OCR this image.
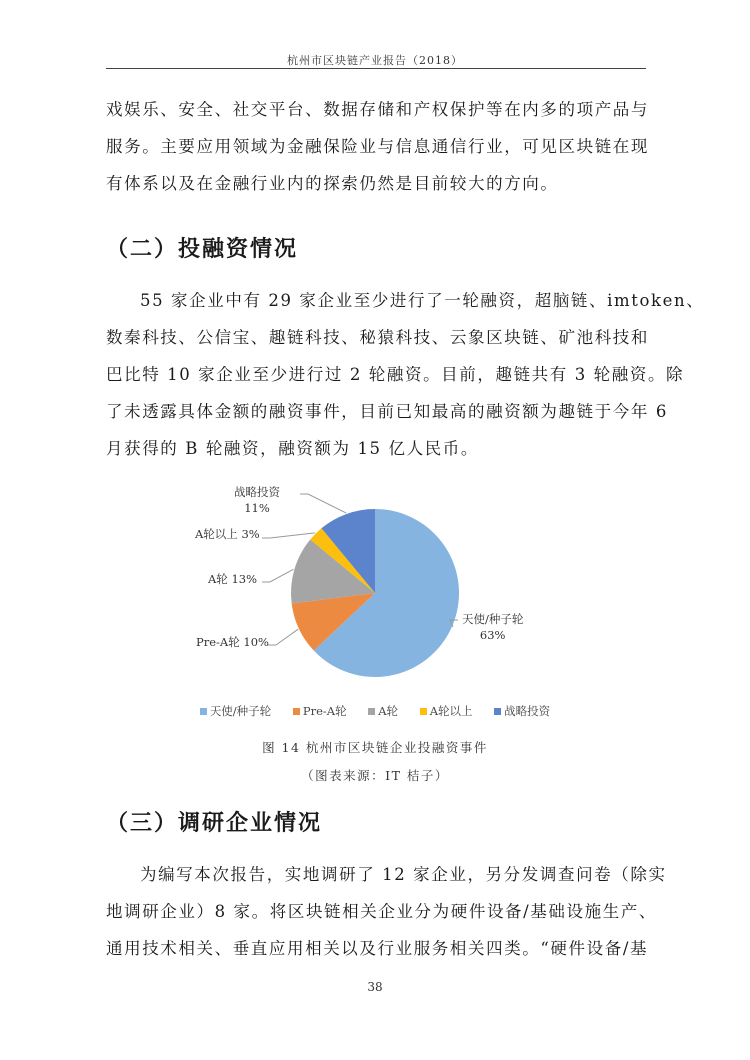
杭州市区块链产业报告（2018）
戏娱乐、安全、社交平台、数据存储和产权保护等在内多的项产品与
服务。主要应用领域为金融保险业与信息通信行业，可见区块链在现
有体系以及在金融行业内的探索仍然是目前较大的方向。
（二）投融资情况
55 家企业中有 29 家企业至少进行了一轮融资，超脑链、imtoken、
数秦科技、公信宝、趣链科技、秘猿科技、云象区块链、矿池科技和
巴比特 10 家企业至少进行过 2 轮融资。目前，趣链共有 3 轮融资。除
了未透露具体金额的融资事件，目前已知最高的融资额为趣链于今年 6
月获得的 B 轮融资，融资额为 15 亿人民币。
天使/种子轮
63%
Pre-A轮 10%
A轮 13%
A轮以上 3%
战略投资
11%
天使/种子轮	Pre-A轮	A轮	A轮以上	战略投资
图 14 杭州市区块链企业投融资事件
（图表来源：IT 桔子）
（三）调研企业情况
为编写本次报告，实地调研了 12 家企业，另分发调查问卷（除实
地调研企业）8 家。将区块链相关企业分为硬件设备/基础设施生产、
通用技术相关、垂直应用相关以及行业服务相关四类。“硬件设备/基
38
